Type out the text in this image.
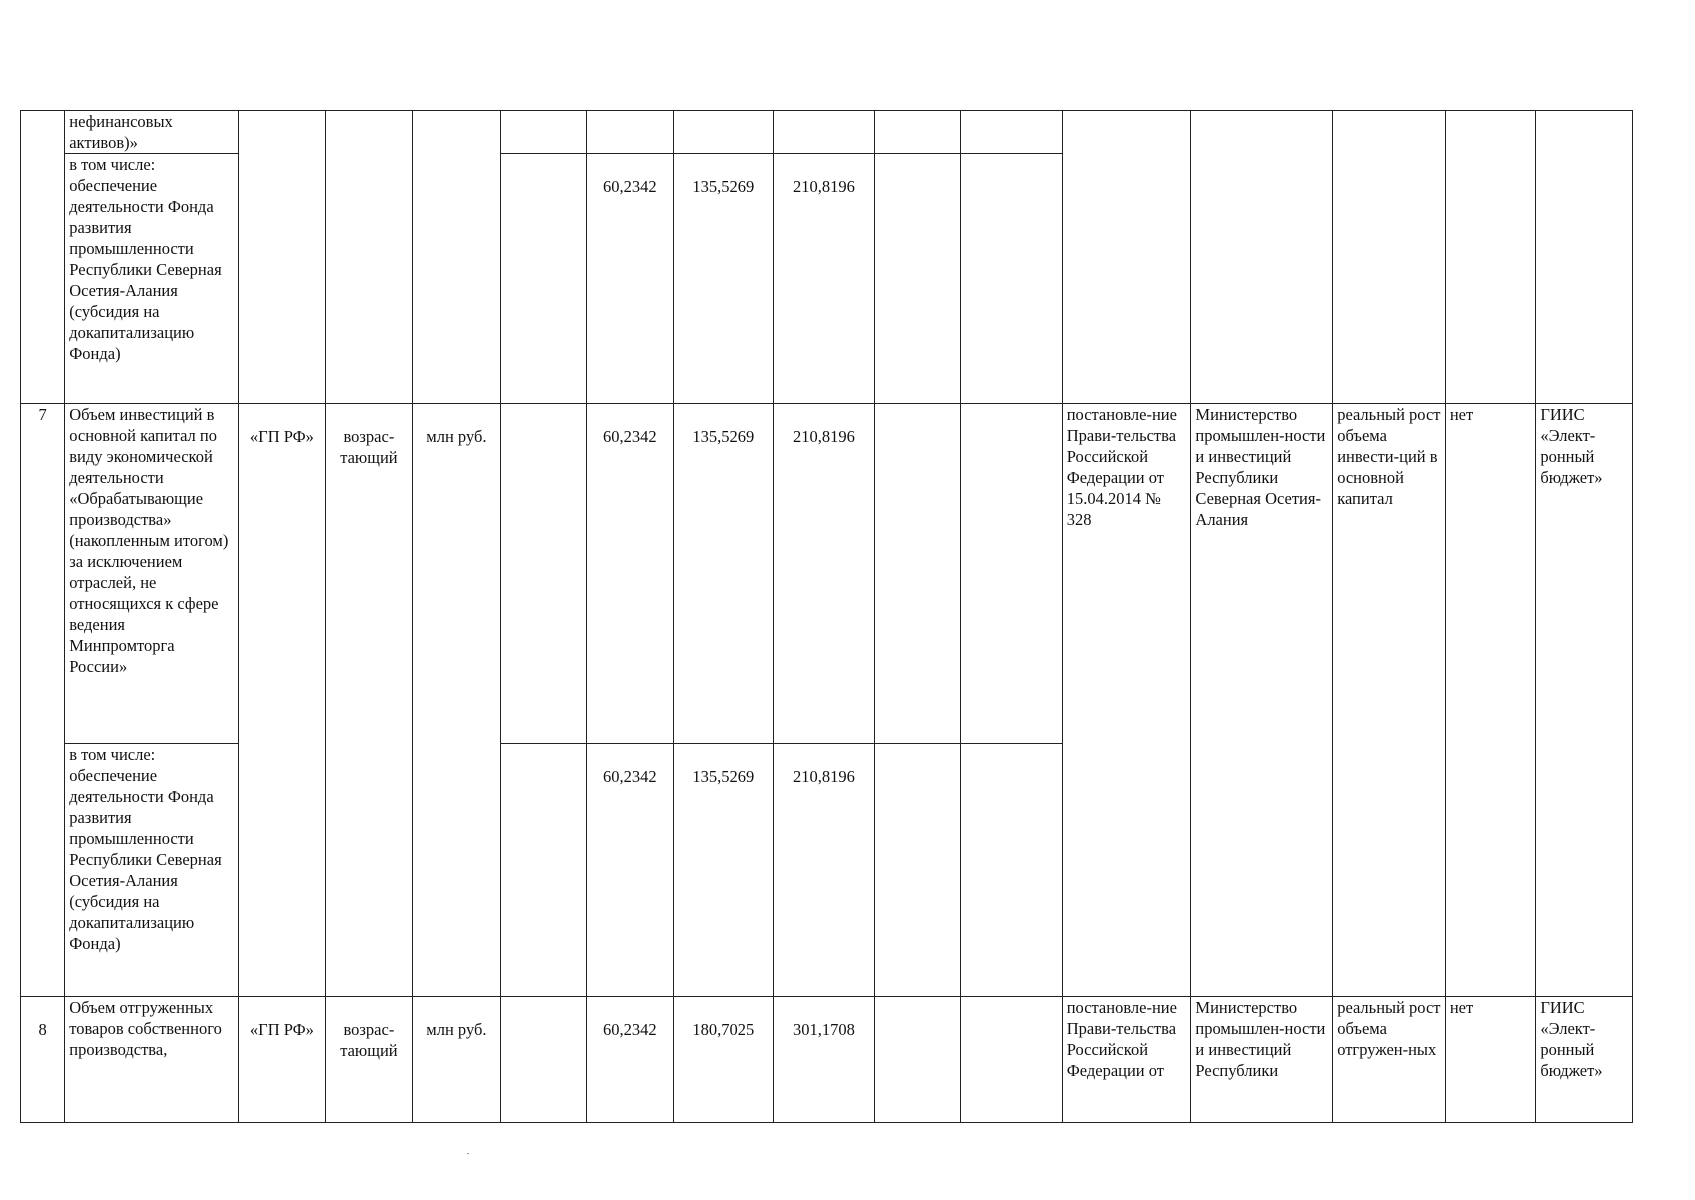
	нефинансовых активов)»														
	в том числе: обеспечение деятельности Фонда развития промышленности Республики Северная Осетия-Алания (субсидия на докапитализацию Фонда)					60,2342	135,5269	210,8196							
7	Объем инвестиций в основной капитал по виду экономической деятельности «Обрабатывающие производства» (накопленным итогом) за исключением отраслей, не относящихся к сфере ведения Минпромторга России»	«ГП РФ»	возрас-тающий	млн руб.		60,2342	135,5269	210,8196			постановле-ние Прави-тельства Российской Федерации от 15.04.2014 № 328	Министерство промышлен-ности и инвестиций Республики Северная Осетия-Алания	реальный рост объема инвести-ций в основной капитал	нет	ГИИС «Элект-ронный бюджет»
	в том числе: обеспечение деятельности Фонда развития промышленности Республики Северная Осетия-Алания (субсидия на докапитализацию Фонда)					60,2342	135,5269	210,8196							
8	Объем отгруженных товаров собственного производства,	«ГП РФ»	возрас-тающий	млн руб.		60,2342	180,7025	301,1708			постановле-ние Прави-тельства Российской Федерации от	Министерство промышлен-ности и инвестиций Республики	реальный рост объема отгружен-ных	нет	ГИИС «Элект-ронный бюджет»
